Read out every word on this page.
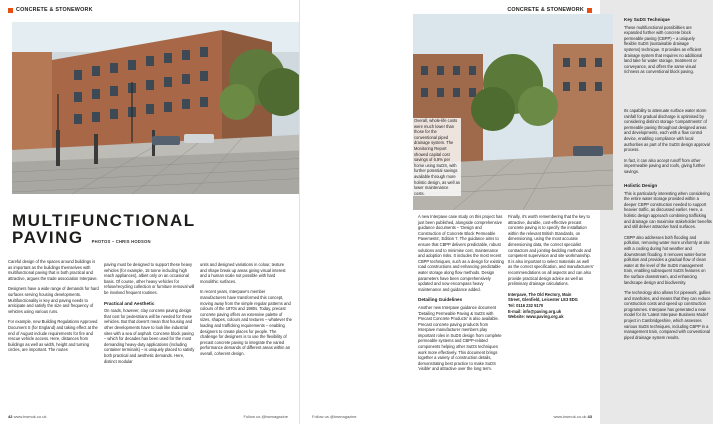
CONCRETE & STONEWORK
MULTIFUNCTIONAL
PAVING PHOTOS – CHRIS HODSON

Careful design of the spaces around buildings is as important as the buildings themselves with multifunctional paving that is both practical and attractive, argues the trade association Interpave.

Designers have a wide range of demands for hard surfaces serving housing developments. Multifunctionality is key and paving needs to anticipate and satisfy the size and frequency of vehicles using various runs.

For example, new Building Regulations Approved Document S (for England) and taking effect at the end of August include requirements for fire and rescue vehicle access. Here, distances from buildings as well as width, height and turning circles, are important. The routes

paving must be designed to support these heavy vehicles (for example, 15 tonne including high reach appliances), albeit only on an occasional basis. Of course, other heavy vehicles for refuse/recycling collection or furniture removal will be involved frequent routines.

Practical and Aesthetic

On roads, however, clay concrete paving design that cost for pedestrians will be needed for these vehicles. But that doesn't mean that housing and other developments have to look like industrial sites with a sea of asphalt. Concrete block paving – which for decades has been used for the most demanding heavy-duty applications (including container terminals) – is uniquely placed to satisfy both practical and aesthetic demands. Here, distinct modular

units and designed variations in colour, texture and shape break up areas giving visual interest and a human scale not possible with hard monolithic surfaces.

In recent years, Interpave's member manufacturers have transformed this concept, moving away from the simple regular patterns and colours of the 1970s and 1980s. Today, precast concrete paving offers an extensive palette of sizes, shapes, colours and textures – whatever the loading and trafficking requirements – enabling designers to create places for people. The challenge for designers is to use the flexibility of precast concrete paving to integrate the varied performance demands of different areas within an overall, coherent design.

42 www.bwmuk.co.uk	Follow us @bwmagazine
CONCRETE & STONEWORK
Key SuDS Technique

These multifunctional possibilities are expanded further with concrete block permeable paving (CBPP) – a uniquely flexible SuDS (sustainable drainage systems) technique. It provides an efficient drainage system that requires no additional land take for water storage, treatment or conveyance, and offers the same visual richness as conventional block paving.

Its capability to attenuate surface water storm rainfall for gradual discharge is optimised by considering distinct storage 'compartments' of permeable paving throughout designed areas and developments, each with a flow control device, enabling compliance with local authorities as part of the SuDS design approval process.

In fact, it can also accept runoff from other impermeable paving and roofs, giving further savings.

Holistic Design

This is particularly interesting when considering the entire water storage provided within a deeper CBPP construction needed to support heavier traffic, as discussed earlier. Here, a holistic design approach combining trafficking and drainage can maximise stakeholder benefits and still deliver attractive hard surfaces.

CBPP also addresses both flooding and pollution, removing water more uniformly at site with a cooling during hot weather and downstream flooding. It removes water-borne pollution and provides a gradual flow of clean water at the level of the SuDS management train, enabling subsequent SuDS features on the surface downstream, and enhancing landscape design and biodiversity.

The technology also allows for pipework, gullies and manholes, and means that they can reduce construction costs and speed up construction programmes. Interpave has generated a new model for its 'Latest Interpave Business Model' project in Cambridgeshire, which assesses various SuDS techniques, including CBPP in a management train, compared with conventional piped drainage system results.

Overall, whole-life costs were much lower than those for the conventional piped drainage system. The Monitoring Report showed capital cost savings of 6.8% per home using SuDS, with further potential savings available through more holistic design, as well as lower maintenance costs.

A new Interpave case study on this project has just been published, alongside comprehensive guidance documents – 'Design and Construction of Concrete Block Permeable Pavements', Edition 7. The guidance aims to ensure that CBPP delivers predictable, robust solutions and to minimise cost, maintenance and adoption risks. It includes the most recent CBPP techniques, such as a design for existing road constructions and enhancing predictable water storage along flow methods. Design parameters have been comprehensively updated and now encompass heavy maintenance and guidance added.

Detailing Guidelines

Another new Interpave guidance document 'Detailing Permeable Paving & SuDS with Precast Concrete Products' is also available. Precast concrete paving products from Interpave manufacturer members play important roles in SuDS design from complete permeable systems and CBPP-related components helping other SuDS techniques work more effectively. This document brings together a variety of construction details, demonstrating best practice to make SuDS 'visible' and attractive over the long term.

Finally, it's worth remembering that the key to attractive, durable, cost-effective precast concrete paving is to specify the installation within the relevant British Standards, on dimensioning, using the most accurate dimensioning data, the correct specialist contractors and jointing-bedding methods and competent supervision and site workmanship. It is also important to select materials as well as the correct specification, and manufacturers' recommendations on all aspects and can also provide practical design advice as well as preliminary drainage calculations.

Interpave, The Old Rectory, Main
Street, Glenfield, Leicester LE3 8DG
Tel: 0116 232 5170
E-mail: info@paving.org.uk
Website: www.paving.org.uk
Follow us @bwmagazine	www.bwmuk.co.uk 43
